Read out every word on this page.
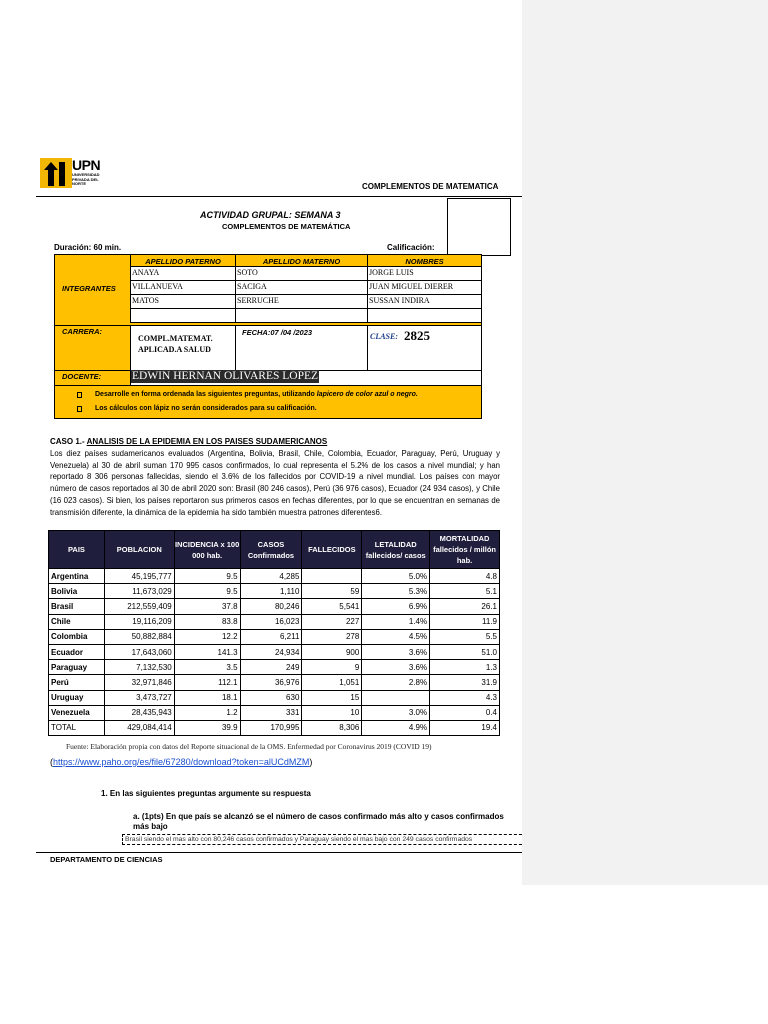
UPN
UNIVERSIDAD PRIVADA DEL NORTE	COMPLEMENTOS DE MATEMATICA
ACTIVIDAD GRUPAL: SEMANA 3
COMPLEMENTOS DE MATEMÁTICA
Duración: 60 min.	Calificación:
INTEGRANTES
APELLIDO PATERNO	APELLIDO MATERNO	NOMBRES
ANAYA	SOTO	JORGE LUIS
VILLANUEVA	SACIGA	JUAN MIGUEL DIERER
MATOS	SERRUCHE	SUSSAN INDIRA
CARRERA:
COMPL.MATEMAT.
APLICAD.A SALUD
FECHA:07 /04 /2023	CLASE: 2825
DOCENTE:	EDWIN HERNAN OLIVARES LOPEZ
Desarrolle en forma ordenada las siguientes preguntas, utilizando lapicero de color azul o negro.
Los cálculos con lápiz no serán considerados para su calificación.
CASO 1.- ANALISIS DE LA EPIDEMIA EN LOS PAISES SUDAMERICANOS
Los diez países sudamericanos evaluados (Argentina, Bolivia, Brasil, Chile, Colombia, Ecuador, Paraguay, Perú, Uruguay y Venezuela) al 30 de abril suman 170 995 casos confirmados, lo cual representa el 5.2% de los casos a nivel mundial; y han reportado 8 306 personas fallecidas, siendo el 3.6% de los fallecidos por COVID-19 a nivel mundial. Los países con mayor número de casos reportados al 30 de abril 2020 son: Brasil (80 246 casos), Perú (36 976 casos), Ecuador (24 934 casos), y Chile (16 023 casos). Si bien, los países reportaron sus primeros casos en fechas diferentes, por lo que se encuentran en semanas de transmisión diferente, la dinámica de la epidemia ha sido también muestra patrones diferentes6.
PAIS	POBLACION	INCIDENCIA x 100 000 hab.	CASOS Confirmados	FALLECIDOS	LETALIDAD fallecidos/ casos	MORTALIDAD fallecidos / millón hab.
Argentina	45,195,777	9.5	4,285		5.0%	4.8
Bolivia	11,673,029	9.5	1,110	59	5.3%	5.1
Brasil	212,559,409	37.8	80,246	5,541	6.9%	26.1
Chile	19,116,209	83.8	16,023	227	1.4%	11.9
Colombia	50,882,884	12.2	6,211	278	4.5%	5.5
Ecuador	17,643,060	141.3	24,934	900	3.6%	51.0
Paraguay	7,132,530	3.5	249	9	3.6%	1.3
Perú	32,971,846	112.1	36,976	1,051	2.8%	31.9
Uruguay	3,473,727	18.1	630	15		4.3
Venezuela	28,435,943	1.2	331	10	3.0%	0.4
TOTAL	429,084,414	39.9	170,995	8,306	4.9%	19.4
Fuente: Elaboración propia con datos del Reporte situacional de la OMS. Enfermedad por Coronavirus 2019 (COVID 19)
(https://www.paho.org/es/file/67280/download?token=alUCdMZM)
1. En las siguientes preguntas argumente su respuesta
a. (1pts) En que país se alcanzó se el número de casos confirmado más alto y casos confirmados más bajo
Brasil siendo el mas alto con 80,246 casos confirmados y Paraguay siendo el mas bajo con 249 casos confirmados
DEPARTAMENTO DE CIENCIAS
